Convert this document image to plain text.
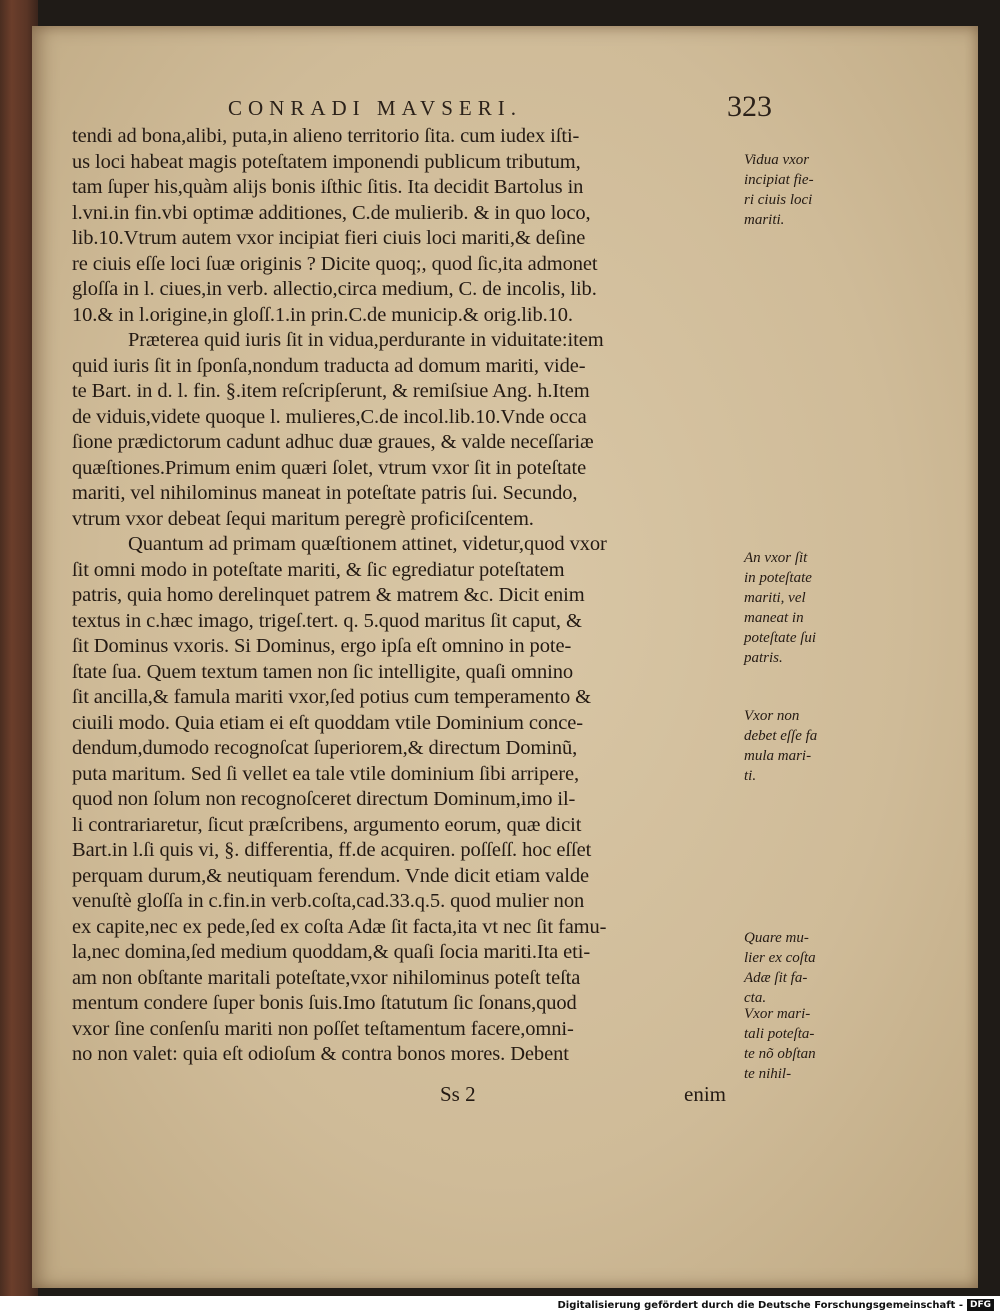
CONRADI MAVSERI.	323
tendi ad bona,alibi, puta,in alieno territorio ſita. cum iudex iſti-
us loci habeat magis poteſtatem imponendi publicum tributum,
tam ſuper his,quàm alijs bonis iſthic ſitis. Ita decidit Bartolus in
l.vni.in fin.vbi optimæ additiones, C.de mulierib. & in quo loco,
lib.10.Vtrum autem vxor incipiat fieri ciuis loci mariti,& deſine
re ciuis eſſe loci ſuæ originis ? Dicite quoq;, quod ſic,ita admonet
gloſſa in l. ciues,in verb. allectio,circa medium, C. de incolis, lib.
10.& in l.origine,in gloſſ.1.in prin.C.de municip.& orig.lib.10.
Præterea quid iuris ſit in vidua,perdurante in viduitate:item
quid iuris ſit in ſponſa,nondum traducta ad domum mariti, vide-
te Bart. in d. l. fin. §.item reſcripſerunt, & remiſsiue Ang. h.Item
de viduis,videte quoque l. mulieres,C.de incol.lib.10.Vnde occa
ſione prædictorum cadunt adhuc duæ graues, & valde neceſſariæ
quæſtiones.Primum enim quæri ſolet, vtrum vxor ſit in poteſtate
mariti, vel nihilominus maneat in poteſtate patris ſui. Secundo,
vtrum vxor debeat ſequi maritum peregrè proficiſcentem.
Quantum ad primam quæſtionem attinet, videtur,quod vxor
ſit omni modo in poteſtate mariti, & ſic egrediatur poteſtatem
patris, quia homo derelinquet patrem & matrem &c. Dicit enim
textus in c.hæc imago, trigeſ.tert. q. 5.quod maritus ſit caput, &
ſit Dominus vxoris. Si Dominus, ergo ipſa eſt omnino in pote-
ſtate ſua. Quem textum tamen non ſic intelligite, quaſi omnino
ſit ancilla,& famula mariti vxor,ſed potius cum temperamento &
ciuili modo. Quia etiam ei eſt quoddam vtile Dominium conce-
dendum,dumodo recognoſcat ſuperiorem,& directum Dominũ,
puta maritum. Sed ſi vellet ea tale vtile dominium ſibi arripere,
quod non ſolum non recognoſceret directum Dominum,imo il-
li contrariaretur, ſicut præſcribens, argumento eorum, quæ dicit
Bart.in l.ſi quis vi, §. differentia, ff.de acquiren. poſſeſſ. hoc eſſet
perquam durum,& neutiquam ferendum. Vnde dicit etiam valde
venuſtè gloſſa in c.fin.in verb.coſta,cad.33.q.5. quod mulier non
ex capite,nec ex pede,ſed ex coſta Adæ ſit facta,ita vt nec ſit famu-
la,nec domina,ſed medium quoddam,& quaſi ſocia mariti.Ita eti-
am non obſtante maritali poteſtate,vxor nihilominus poteſt teſta
mentum condere ſuper bonis ſuis.Imo ſtatutum ſic ſonans,quod
vxor ſine conſenſu mariti non poſſet teſtamentum facere,omni-
no non valet: quia eſt odioſum & contra bonos mores. Debent
Vidua vxor
incipiat fie-
ri ciuis loci
mariti.
An vxor ſit
in poteſtate
mariti, vel
maneat in
poteſtate ſui
patris.
Vxor non
debet eſſe fa
mula mari-
ti.
Quare mu-
lier ex coſta
Adæ ſit fa-
cta.
Vxor mari-
tali poteſta-
te nõ obſtan
te nihil-
Ss 2	enim
Digitalisierung gefördert durch die Deutsche Forschungsgemeinschaft - DFG
